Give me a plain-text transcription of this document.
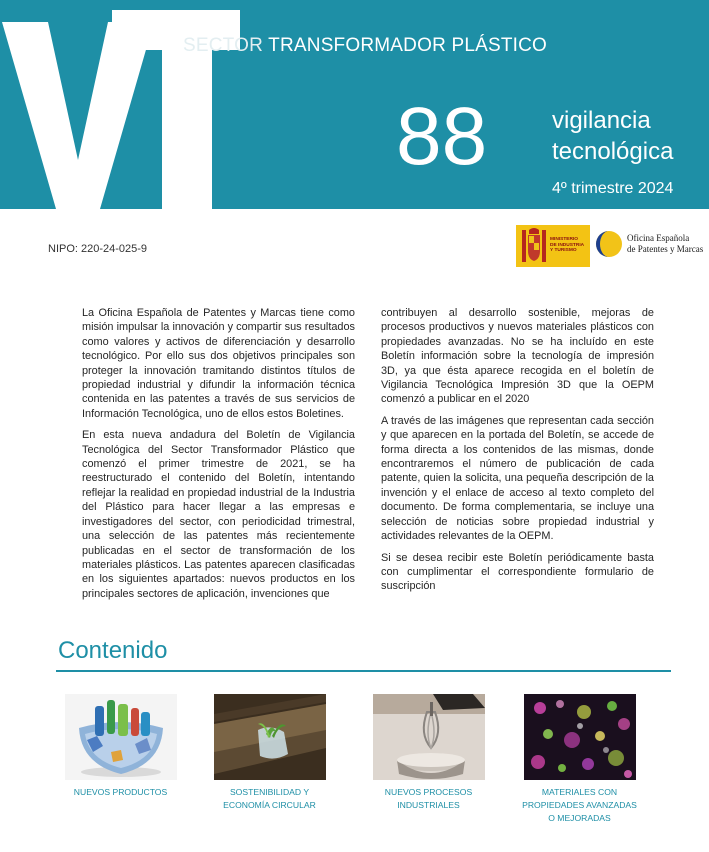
SECTOR TRANSFORMADOR PLÁSTICO
88	vigilancia
tecnológica
4º trimestre 2024
NIPO: 220-24-025-9
MINISTERIO
DE INDUSTRIA
Y TURISMO
Oficina Española
de Patentes y Marcas

La Oficina Española de Patentes y Marcas tiene como misión impulsar la innovación y compartir sus resultados como valores y activos de diferenciación y desarrollo tecnológico. Por ello sus dos objetivos principales son proteger la innovación tramitando distintos títulos de propiedad industrial y difundir la información técnica contenida en las patentes a través de sus servicios de Información Tecnológica, uno de ellos estos Boletines.

En esta nueva andadura del Boletín de Vigilancia Tecnológica del Sector Transformador Plástico que comenzó el primer trimestre de 2021, se ha reestructurado el contenido del Boletín, intentando reflejar la realidad en propiedad industrial de la Industria del Plástico para hacer llegar a las empresas e investigadores del sector, con periodicidad trimestral, una selección de las patentes más recientemente publicadas en el sector de transformación de los materiales plásticos. Las patentes aparecen clasificadas en los siguientes apartados: nuevos productos en los principales sectores de aplicación, invenciones que

contribuyen al desarrollo sostenible, mejoras de procesos productivos y nuevos materiales plásticos con propiedades avanzadas. No se ha incluído en este Boletín información sobre la tecnología de impresión 3D, ya que ésta aparece recogida en el boletín de Vigilancia Tecnológica Impresión 3D que la OEPM comenzó a publicar en el 2020

A través de las imágenes que representan cada sección y que aparecen en la portada del Boletín, se accede de forma directa a los contenidos de las mismas, donde encontraremos el número de publicación de cada patente, quien la solicita, una pequeña descripción de la invención y el enlace de acceso al texto completo del documento. De forma complementaria, se incluye una selección de noticias sobre propiedad industrial y actividades relevantes de la OEPM.

Si se desea recibir este Boletín periódicamente basta con cumplimentar el correspondiente formulario de suscripción

Contenido
NUEVOS PRODUCTOS	SOSTENIBILIDAD Y ECONOMÍA CIRCULAR
NUEVOS PROCESOS INDUSTRIALES
MATERIALES CON PROPIEDADES AVANZADAS O MEJORADAS
